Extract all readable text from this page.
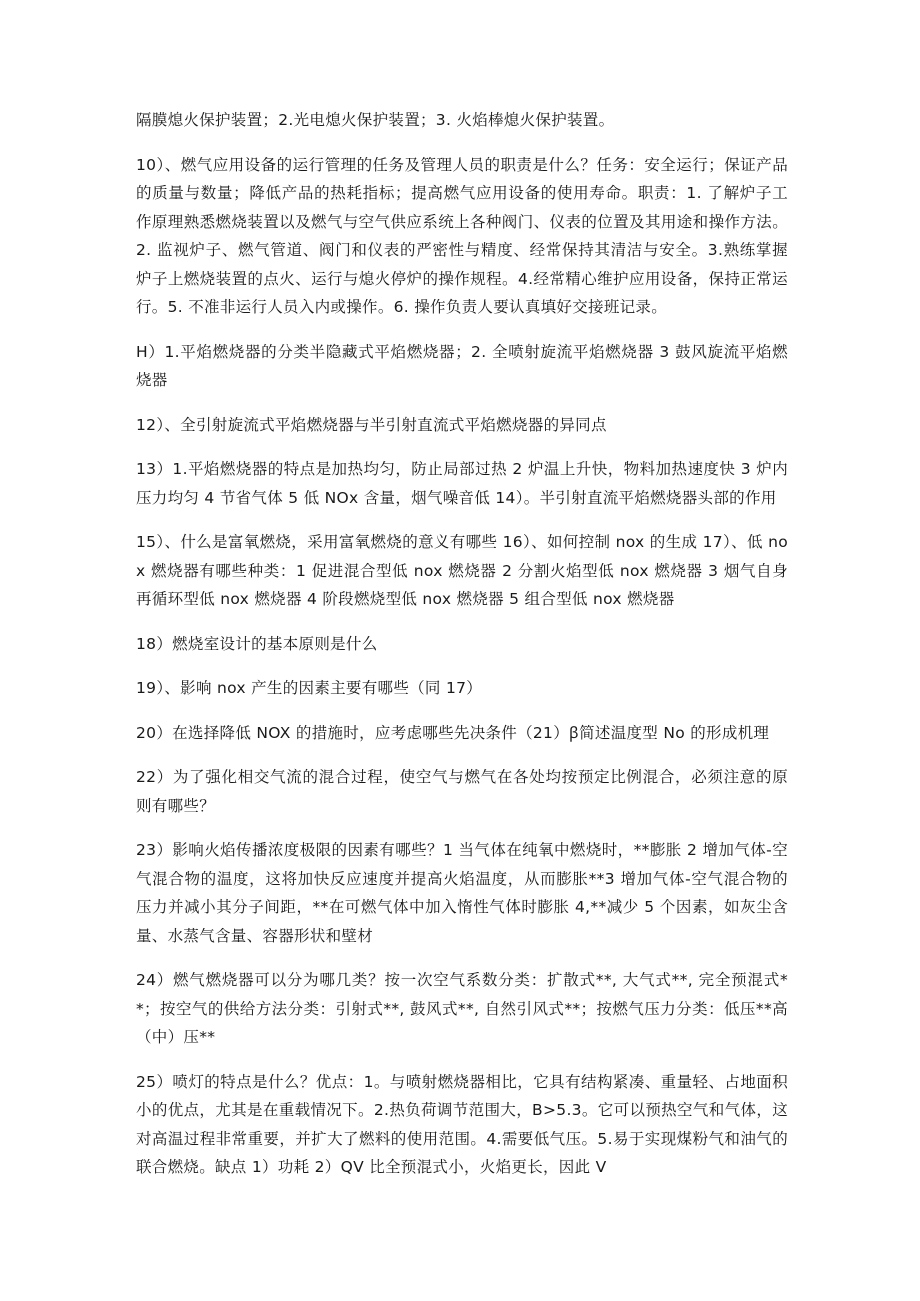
隔膜熄火保护装置；2.光电熄火保护装置；3. 火焰棒熄火保护装置。

10）、燃气应用设备的运行管理的任务及管理人员的职责是什么？任务：安全运行；保证产品的质量与数量；降低产品的热耗指标；提高燃气应用设备的使用寿命。职责：1. 了解炉子工作原理熟悉燃烧装置以及燃气与空气供应系统上各种阀门、仪表的位置及其用途和操作方法。2. 监视炉子、燃气管道、阀门和仪表的严密性与精度、经常保持其清洁与安全。3.熟练掌握炉子上燃烧装置的点火、运行与熄火停炉的操作规程。4.经常精心维护应用设备，保持正常运行。5. 不准非运行人员入内或操作。6. 操作负责人要认真填好交接班记录。

H）1.平焰燃烧器的分类半隐藏式平焰燃烧器；2. 全喷射旋流平焰燃烧器 3 鼓风旋流平焰燃烧器

12）、全引射旋流式平焰燃烧器与半引射直流式平焰燃烧器的异同点

13）1.平焰燃烧器的特点是加热均匀，防止局部过热 2 炉温上升快，物料加热速度快 3 炉内压力均匀 4 节省气体 5 低 NOx 含量，烟气噪音低 14）。半引射直流平焰燃烧器头部的作用

15）、什么是富氧燃烧，采用富氧燃烧的意义有哪些 16）、如何控制 nox 的生成 17）、低 nox 燃烧器有哪些种类：1 促进混合型低 nox 燃烧器 2 分割火焰型低 nox 燃烧器 3 烟气自身再循环型低 nox 燃烧器 4 阶段燃烧型低 nox 燃烧器 5 组合型低 nox 燃烧器

18）燃烧室设计的基本原则是什么

19）、影响 nox 产生的因素主要有哪些（同 17）

20）在选择降低 NOX 的措施时，应考虑哪些先决条件（21）ꞵ简述温度型 No 的形成机理

22）为了强化相交气流的混合过程，使空气与燃气在各处均按预定比例混合，必须注意的原则有哪些？

23）影响火焰传播浓度极限的因素有哪些？1 当气体在纯氧中燃烧时，**膨胀 2 增加气体-空气混合物的温度，这将加快反应速度并提高火焰温度，从而膨胀**3 增加气体-空气混合物的压力并减小其分子间距，**在可燃气体中加入惰性气体时膨胀 4,**减少 5 个因素，如灰尘含量、水蒸气含量、容器形状和壁材

24）燃气燃烧器可以分为哪几类？按一次空气系数分类：扩散式**, 大气式**, 完全预混式**；按空气的供给方法分类：引射式**, 鼓风式**, 自然引风式**；按燃气压力分类：低压**高（中）压**

25）喷灯的特点是什么？优点：1。与喷射燃烧器相比，它具有结构紧凑、重量轻、占地面积小的优点，尤其是在重载情况下。2.热负荷调节范围大，B>5.3。它可以预热空气和气体，这对高温过程非常重要，并扩大了燃料的使用范围。4.需要低气压。5.易于实现煤粉气和油气的联合燃烧。缺点 1）功耗 2）QV 比全预混式小，火焰更长，因此 V
